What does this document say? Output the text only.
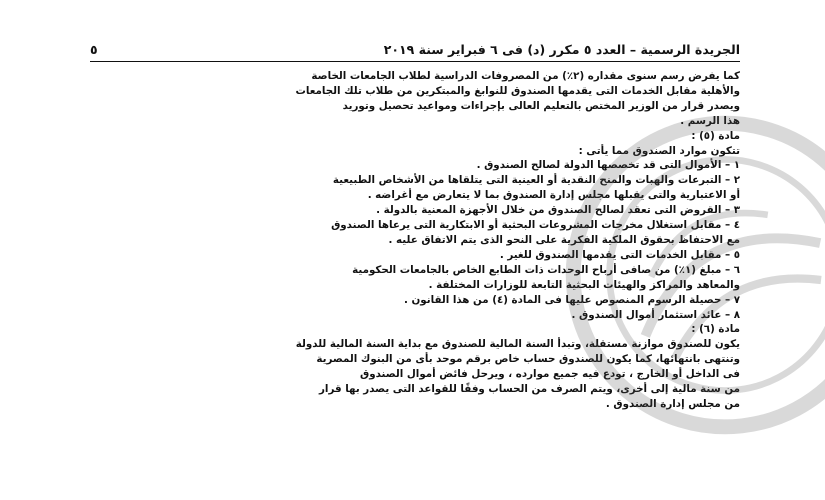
الجريدة الرسمية – العدد ٥ مكرر (د) فى ٦ فبراير سنة ٢٠١٩
٥
كما يفرض رسم سنوى مقداره (٢٪) من المصروفات الدراسية لطلاب الجامعات الخاصة
والأهلية مقابل الخدمات التى يقدمها الصندوق للنوابغ والمبتكرين من طلاب تلك الجامعات
ويصدر قرار من الوزير المختص بالتعليم العالى بإجراءات ومواعيد تحصيل وتوريد
هذا الرسم .
مادة (٥) :
تتكون موارد الصندوق مما يأتى :
١ – الأموال التى قد تخصصها الدولة لصالح الصندوق .
٢ – التبرعات والهبات والمنح النقدية أو العينية التى يتلقاها من الأشخاص الطبيعية
أو الاعتبارية والتى يقبلها مجلس إدارة الصندوق بما لا يتعارض مع أغراضه .
٣ – القروض التى تعقد لصالح الصندوق من خلال الأجهزة المعنية بالدولة .
٤ – مقابل استغلال مخرجات المشروعات البحثية أو الابتكارية التى يرعاها الصندوق
مع الاحتفاظ بحقوق الملكية الفكرية على النحو الذى يتم الاتفاق عليه .
٥ – مقابل الخدمات التى يقدمها الصندوق للغير .
٦ – مبلغ (١٪) من صافى أرباح الوحدات ذات الطابع الخاص بالجامعات الحكومية
والمعاهد والمراكز والهيئات البحثية التابعة للوزارات المختلفة .
٧ – حصيلة الرسوم المنصوص عليها فى المادة (٤) من هذا القانون .
٨ – عائد استثمار أموال الصندوق .
مادة (٦) :
يكون للصندوق موازنة مستقلة، وتبدأ السنة المالية للصندوق مع بداية السنة المالية للدولة
وتنتهى بانتهائها، كما يكون للصندوق حساب خاص برقم موحد بأى من البنوك المصرية
فى الداخل أو الخارج ، تودع فيه جميع موارده ، ويرحل فائض أموال الصندوق
من سنة مالية إلى أخرى، ويتم الصرف من الحساب وفقًا للقواعد التى يصدر بها قرار
من مجلس إدارة الصندوق .
